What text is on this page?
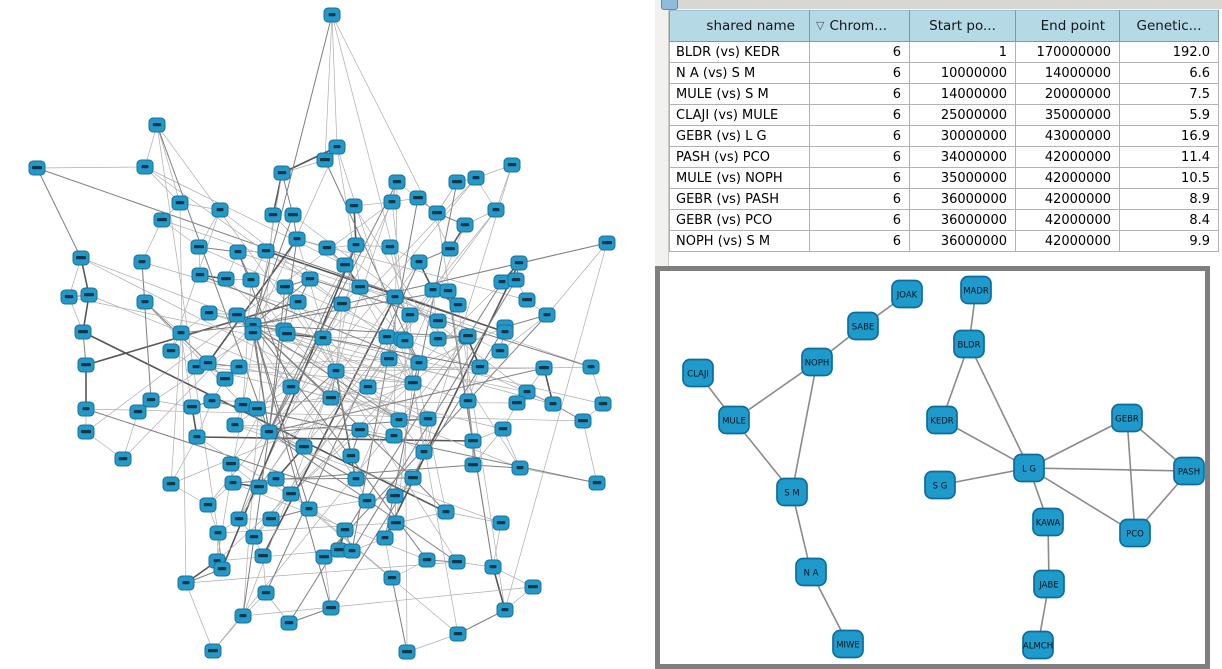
shared name	▽ Chrom...	Start po...	End point	Genetic...
BLDR (vs) KEDR	6	1	170000000	192.0
N A (vs) S M	6	10000000	14000000	6.6
MULE (vs) S M	6	14000000	20000000	7.5
CLAJI (vs) MULE	6	25000000	35000000	5.9
GEBR (vs) L G	6	30000000	43000000	16.9
PASH (vs) PCO	6	34000000	42000000	11.4
MULE (vs) NOPH	6	35000000	42000000	10.5
GEBR (vs) PASH	6	36000000	42000000	8.9
GEBR (vs) PCO	6	36000000	42000000	8.4
NOPH (vs) S M	6	36000000	42000000	9.9
JOAK	MADR
SABE
BLDR
NOPH
CLAJI
MULE	KEDR	GEBR
L G
S G
PASH
S M
KAWA
PCO
N A
JABE
MIWE	ALMCH
